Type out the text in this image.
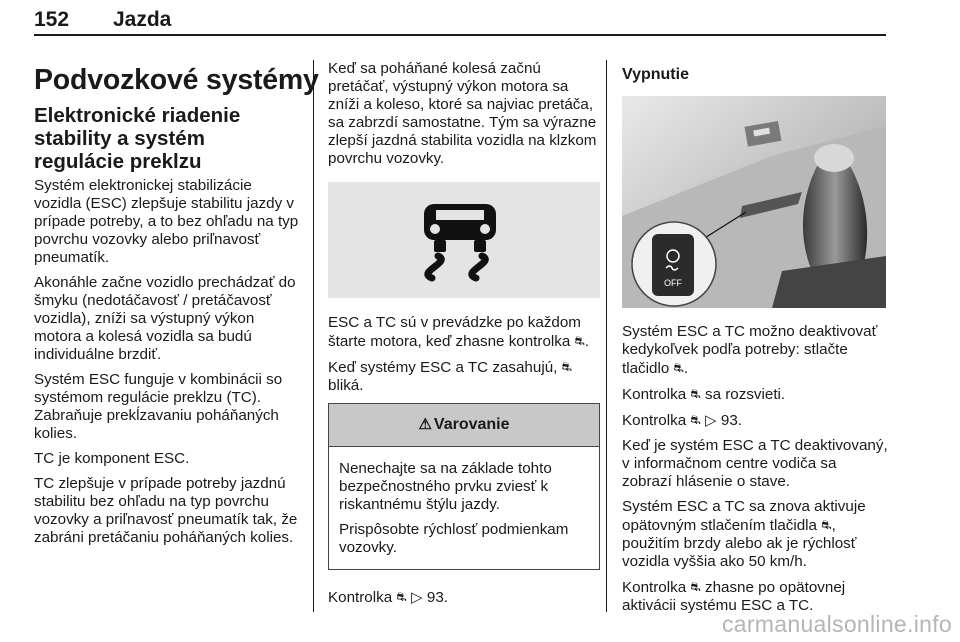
152 Jazda
Podvozkové systémy
Elektronické riadenie stability a systém regulácie preklzu

Systém elektronickej stabilizácie vozidla (ESC) zlepšuje stabilitu jazdy v prípade potreby, a to bez ohľadu na typ povrchu vozovky alebo priľnavosť pneumatík.

Akonáhle začne vozidlo prechádzať do šmyku (nedotáčavosť / pretáčavosť vozidla), zníži sa výstupný výkon motora a kolesá vozidla sa budú individuálne brzdiť.

Systém ESC funguje v kombinácii so systémom regulácie preklzu (TC). Zabraňuje prekĺzavaniu poháňaných kolies.

TC je komponent ESC.

TC zlepšuje v prípade potreby jazdnú stabilitu bez ohľadu na typ povrchu vozovky a priľnavosť pneumatík tak, že zabráni pretáčaniu poháňaných kolies.

Keď sa poháňané kolesá začnú pretáčať, výstupný výkon motora sa zníži a koleso, ktoré sa najviac pretáča, sa zabrzdí samostatne. Tým sa výrazne zlepší jazdná stabilita vozidla na klzkom povrchu vozovky.

ESC a TC sú v prevádzke po každom štarte motora, keď zhasne kontrolka ⛐.

Keď systémy ESC a TC zasahujú, ⛐ bliká.

⚠ Varovanie

Nenechajte sa na základe tohto bezpečnostného prvku zviesť k riskantnému štýlu jazdy.

Prispôsobte rýchlosť podmienkam vozovky.

Kontrolka ⛐ ▷ 93.

Vypnutie
OFF

Systém ESC a TC možno deaktivovať kedykoľvek podľa potreby: stlačte tlačidlo ⛐.

Kontrolka ⛐ sa rozsvieti.

Kontrolka ⛐ ▷ 93.

Keď je systém ESC a TC deaktivovaný, v informačnom centre vodiča sa zobrazí hlásenie o stave.

Systém ESC a TC sa znova aktivuje opätovným stlačením tlačidla ⛐, použitím brzdy alebo ak je rýchlosť vozidla vyššia ako 50 km/h.

Kontrolka ⛐ zhasne po opätovnej aktivácii systému ESC a TC.

carmanualsonline.info
